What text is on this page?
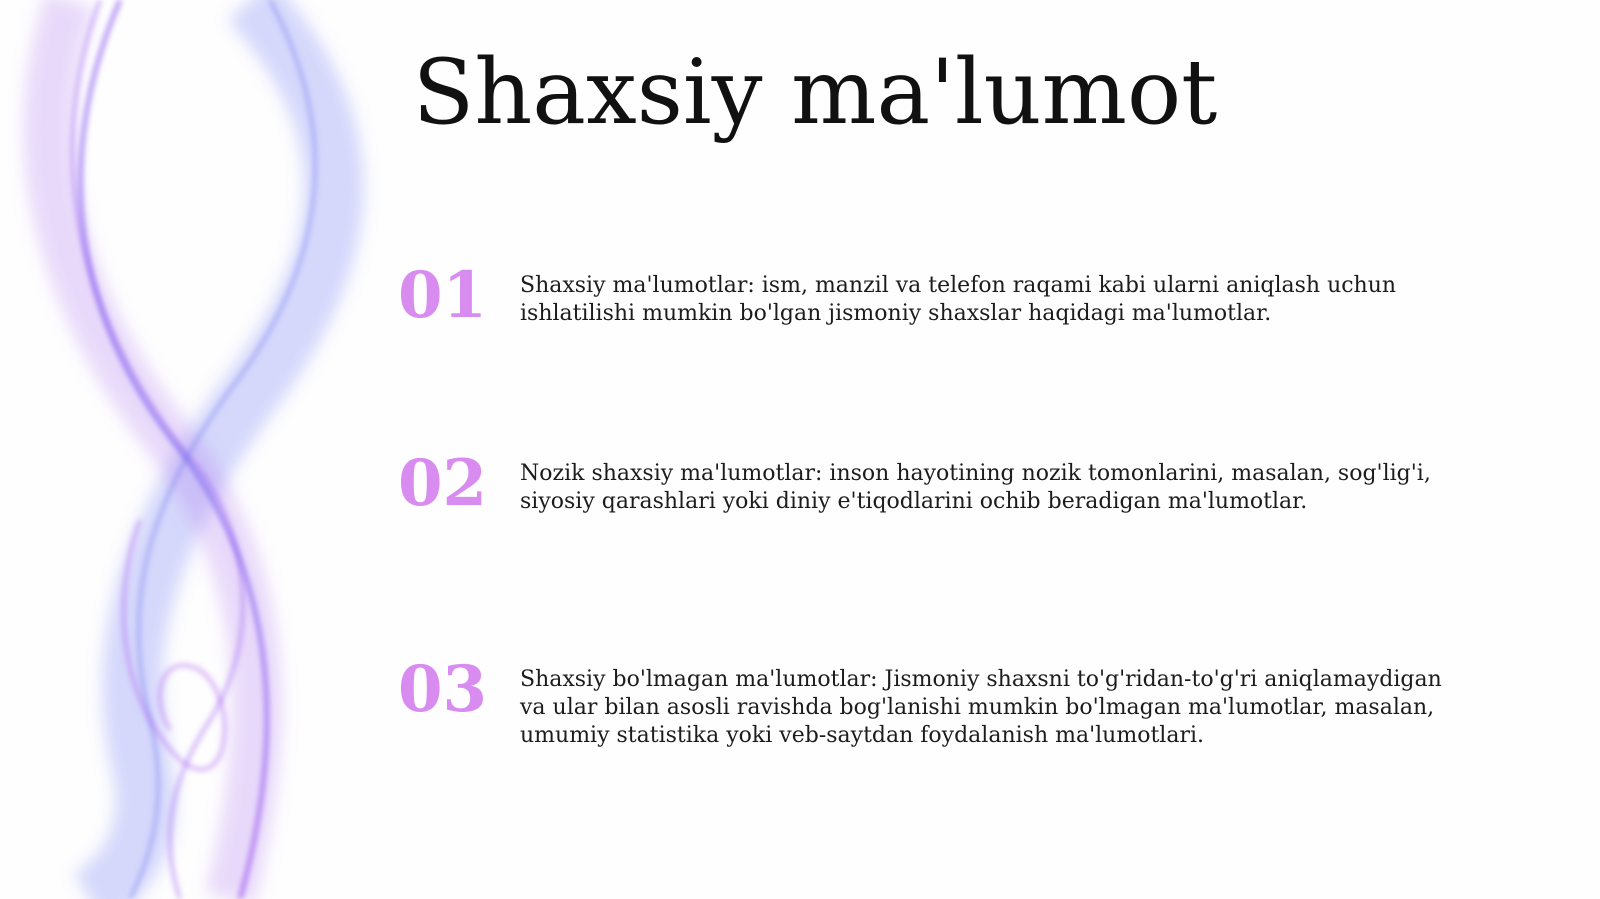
Shaxsiy ma'lumot
01 Shaxsiy ma'lumotlar: ism, manzil va telefon raqami kabi ularni aniqlash uchun ishlatilishi mumkin bo'lgan jismoniy shaxslar haqidagi ma'lumotlar.
02 Nozik shaxsiy ma'lumotlar: inson hayotining nozik tomonlarini, masalan, sog'lig'i, siyosiy qarashlari yoki diniy e'tiqodlarini ochib beradigan ma'lumotlar.
03 Shaxsiy bo'lmagan ma'lumotlar: Jismoniy shaxsni to'g'ridan-to'g'ri aniqlamaydigan va ular bilan asosli ravishda bog'lanishi mumkin bo'lmagan ma'lumotlar, masalan, umumiy statistika yoki veb-saytdan foydalanish ma'lumotlari.
